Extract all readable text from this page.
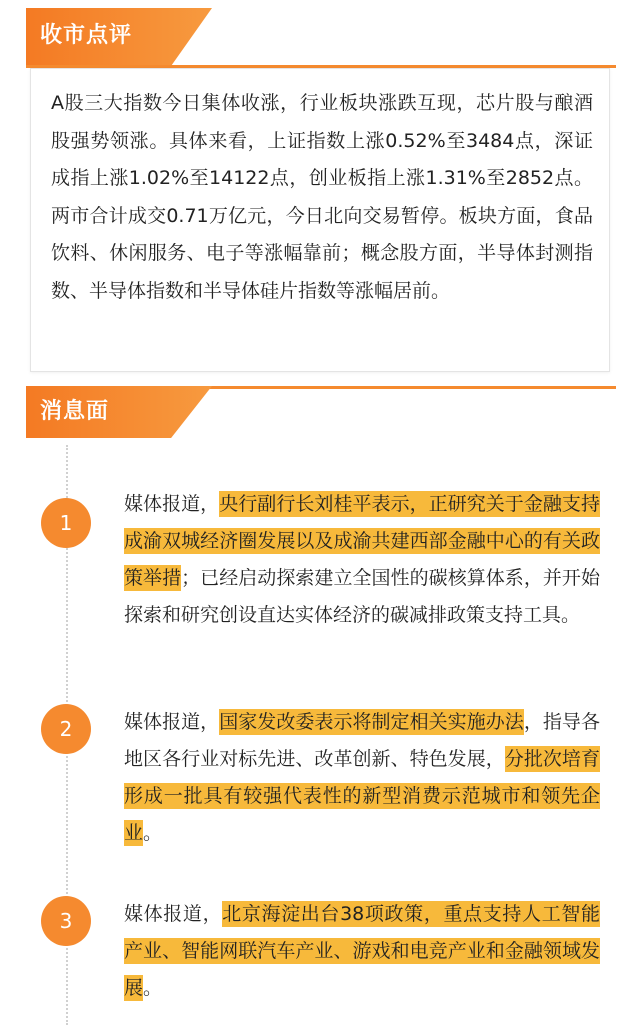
收市点评

A股三大指数今日集体收涨，行业板块涨跌互现，芯片股与酿酒股强势领涨。具体来看，上证指数上涨0.52%至3484点，深证成指上涨1.02%至14122点，创业板指上涨1.31%至2852点。两市合计成交0.71万亿元，今日北向交易暂停。板块方面，食品饮料、休闲服务、电子等涨幅靠前；概念股方面，半导体封测指数、半导体指数和半导体硅片指数等涨幅居前。

消息面
1

媒体报道，央行副行长刘桂平表示，正研究关于金融支持成渝双城经济圈发展以及成渝共建西部金融中心的有关政策举措；已经启动探索建立全国性的碳核算体系，并开始探索和研究创设直达实体经济的碳减排政策支持工具。

2	媒体报道，国家发改委表示将制定相关实施办法，指导各地区各行业对标先进、改革创新、特色发展，分批次培育形成一批具有较强代表性的新型消费示范城市和领先企业。

3	媒体报道，北京海淀出台38项政策，重点支持人工智能产业、智能网联汽车产业、游戏和电竞产业和金融领域发展。
